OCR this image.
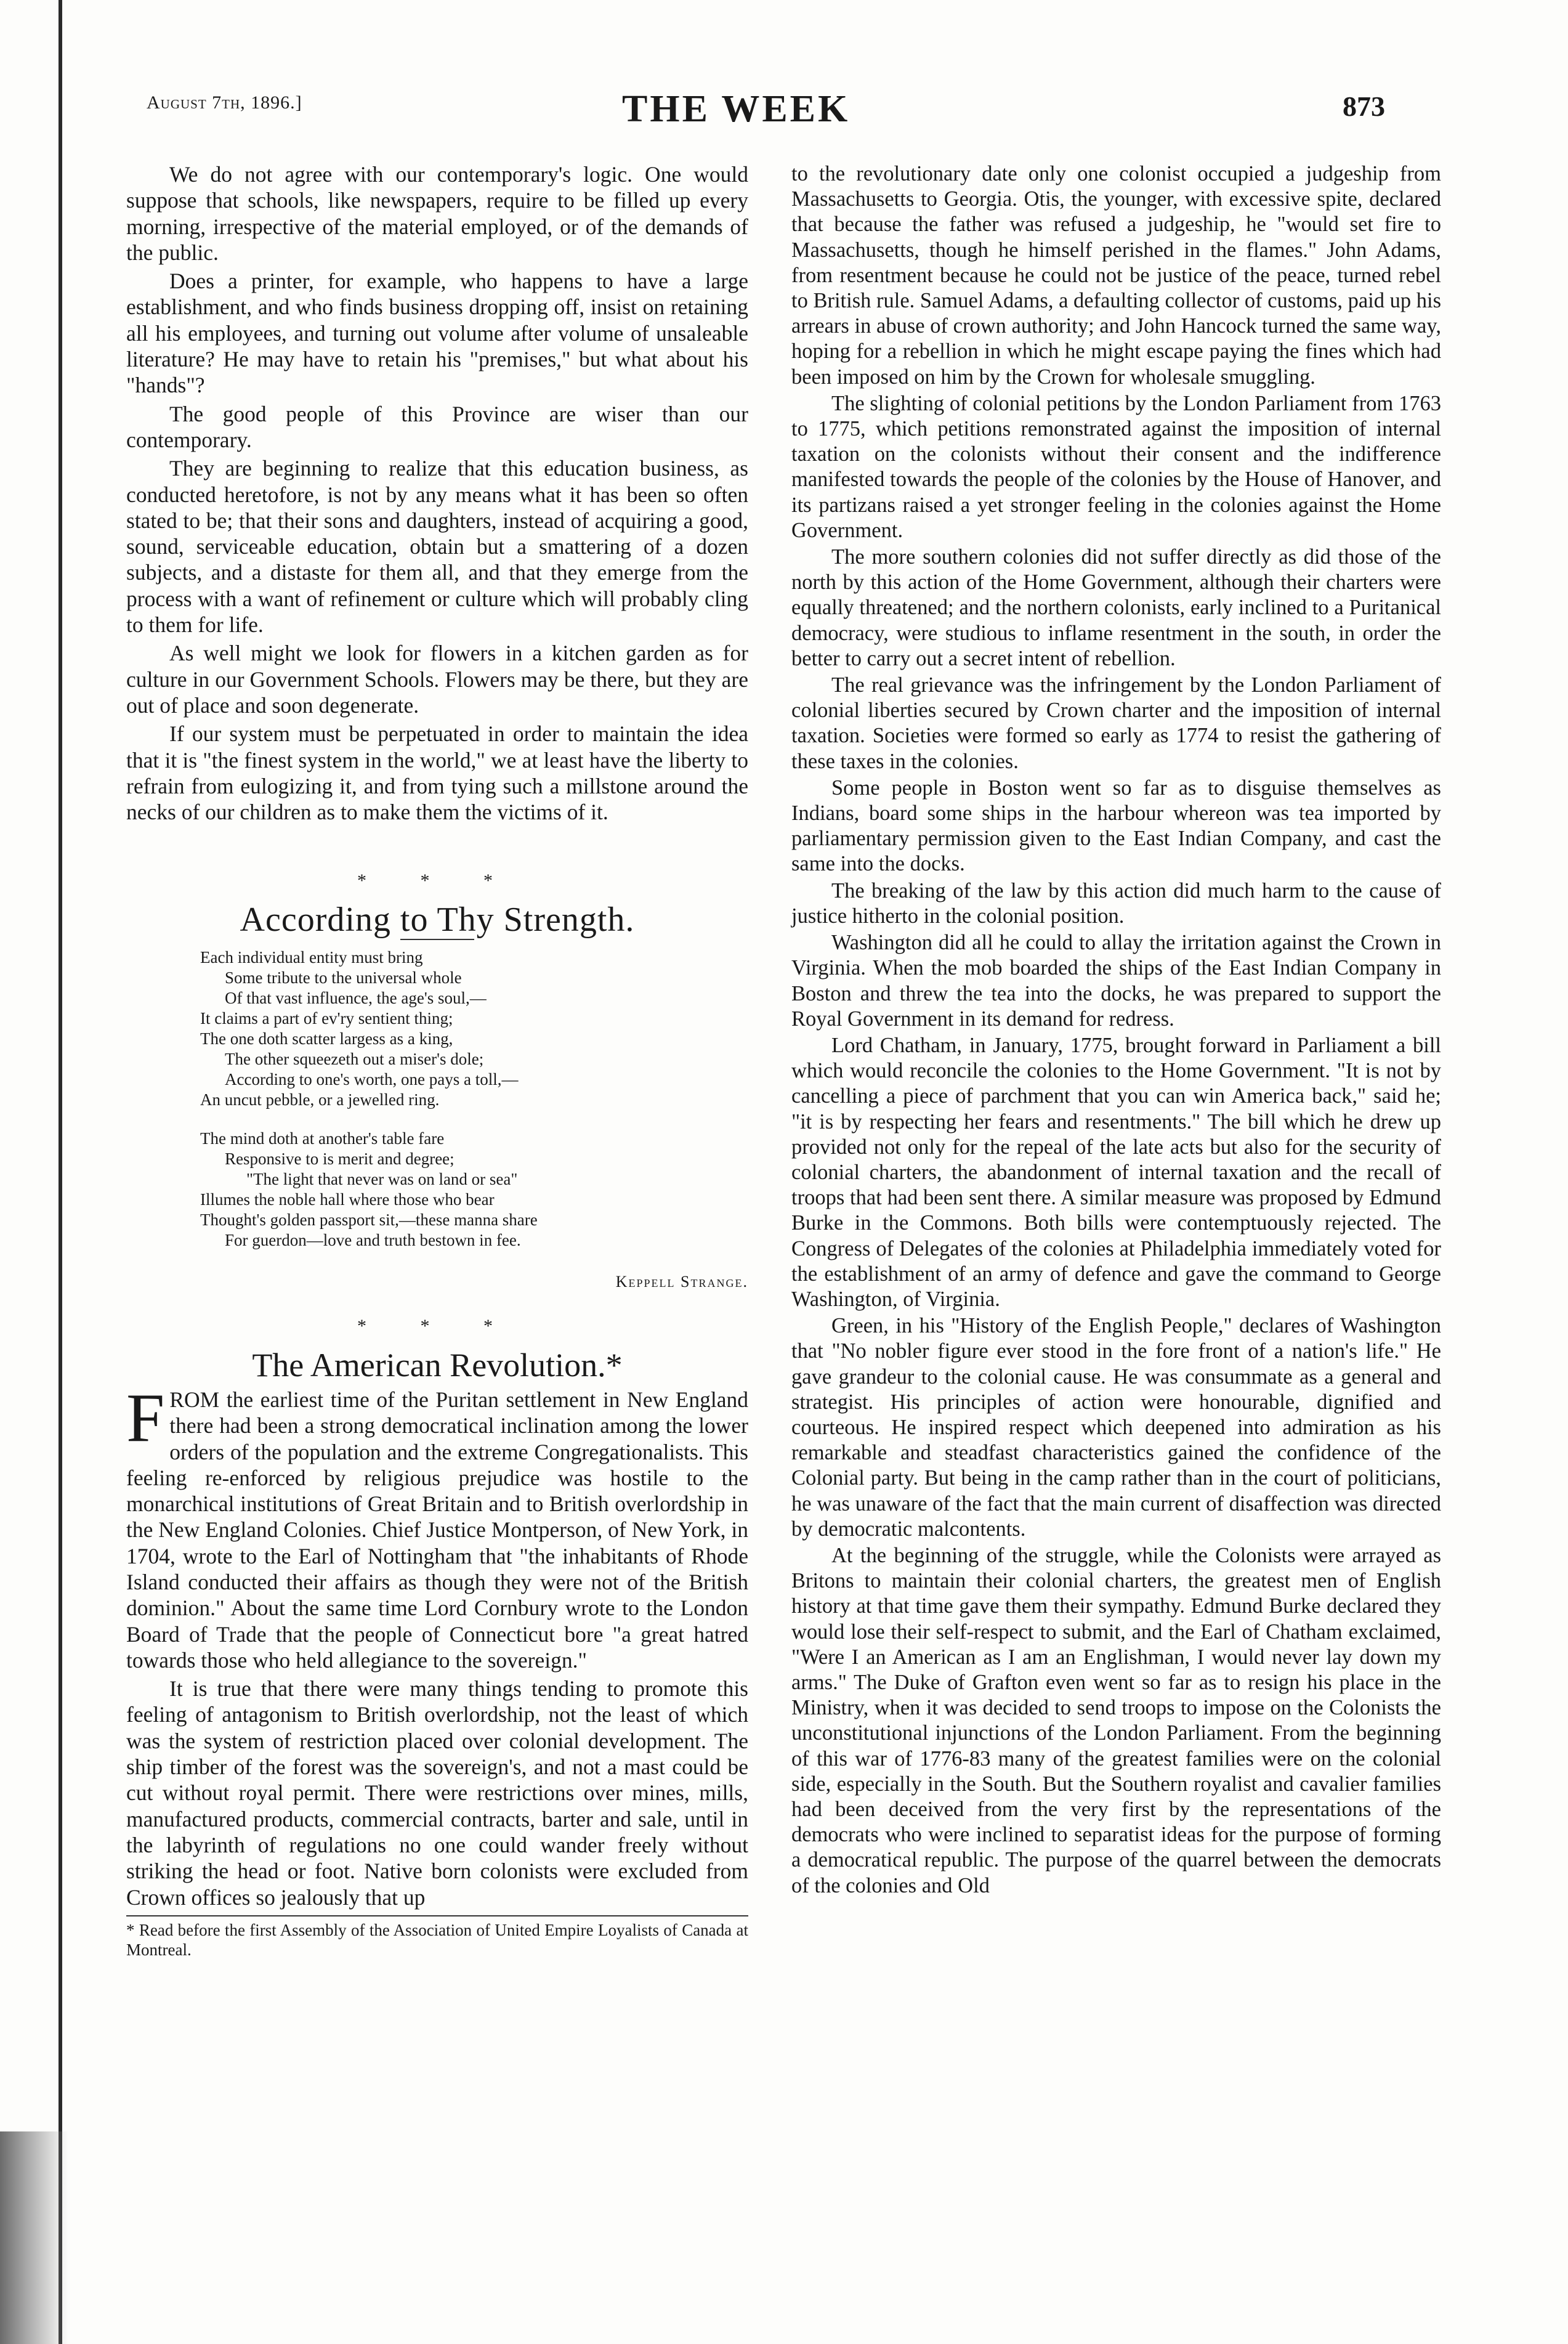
August 7th, 1896.]	THE WEEK	873

We do not agree with our contemporary's logic. One would suppose that schools, like newspapers, require to be filled up every morning, irrespective of the material employed, or of the demands of the public.

Does a printer, for example, who happens to have a large establishment, and who finds business dropping off, insist on retaining all his employees, and turning out volume after volume of unsaleable literature? He may have to retain his "premises," but what about his "hands"?

The good people of this Province are wiser than our contemporary.

They are beginning to realize that this education business, as conducted heretofore, is not by any means what it has been so often stated to be; that their sons and daughters, instead of acquiring a good, sound, serviceable education, obtain but a smattering of a dozen subjects, and a distaste for them all, and that they emerge from the process with a want of refinement or culture which will probably cling to them for life.

As well might we look for flowers in a kitchen garden as for culture in our Government Schools. Flowers may be there, but they are out of place and soon degenerate.

If our system must be perpetuated in order to maintain the idea that it is "the finest system in the world," we at least have the liberty to refrain from eulogizing it, and from tying such a millstone around the necks of our children as to make them the victims of it.

* * *
According to Thy Strength.
Each individual entity must bring
Some tribute to the universal whole
Of that vast influence, the age's soul,—
It claims a part of ev'ry sentient thing;
The one doth scatter largess as a king,
The other squeezeth out a miser's dole;
According to one's worth, one pays a toll,—
An uncut pebble, or a jewelled ring.
The mind doth at another's table fare
Responsive to is merit and degree;
"The light that never was on land or sea"
Illumes the noble hall where those who bear
Thought's golden passport sit,—these manna share
For guerdon—love and truth bestown in fee.
Keppell Strange.
* * *
The American Revolution.*

FROM the earliest time of the Puritan settlement in New England there had been a strong democratical inclination among the lower orders of the population and the extreme Congregationalists. This feeling re-enforced by religious prejudice was hostile to the monarchical institutions of Great Britain and to British overlordship in the New England Colonies. Chief Justice Montperson, of New York, in 1704, wrote to the Earl of Nottingham that "the inhabitants of Rhode Island conducted their affairs as though they were not of the British dominion." About the same time Lord Cornbury wrote to the London Board of Trade that the people of Connecticut bore "a great hatred towards those who held allegiance to the sovereign."

It is true that there were many things tending to promote this feeling of antagonism to British overlordship, not the least of which was the system of restriction placed over colonial development. The ship timber of the forest was the sovereign's, and not a mast could be cut without royal permit. There were restrictions over mines, mills, manufactured products, commercial contracts, barter and sale, until in the labyrinth of regulations no one could wander freely without striking the head or foot. Native born colonists were excluded from Crown offices so jealously that up

* Read before the first Assembly of the Association of United Empire Loyalists of Canada at Montreal.

to the revolutionary date only one colonist occupied a judgeship from Massachusetts to Georgia. Otis, the younger, with excessive spite, declared that because the father was refused a judgeship, he "would set fire to Massachusetts, though he himself perished in the flames." John Adams, from resentment because he could not be justice of the peace, turned rebel to British rule. Samuel Adams, a defaulting collector of customs, paid up his arrears in abuse of crown authority; and John Hancock turned the same way, hoping for a rebellion in which he might escape paying the fines which had been imposed on him by the Crown for wholesale smuggling.

The slighting of colonial petitions by the London Parliament from 1763 to 1775, which petitions remonstrated against the imposition of internal taxation on the colonists without their consent and the indifference manifested towards the people of the colonies by the House of Hanover, and its partizans raised a yet stronger feeling in the colonies against the Home Government.

The more southern colonies did not suffer directly as did those of the north by this action of the Home Government, although their charters were equally threatened; and the northern colonists, early inclined to a Puritanical democracy, were studious to inflame resentment in the south, in order the better to carry out a secret intent of rebellion.

The real grievance was the infringement by the London Parliament of colonial liberties secured by Crown charter and the imposition of internal taxation. Societies were formed so early as 1774 to resist the gathering of these taxes in the colonies.

Some people in Boston went so far as to disguise themselves as Indians, board some ships in the harbour whereon was tea imported by parliamentary permission given to the East Indian Company, and cast the same into the docks.

The breaking of the law by this action did much harm to the cause of justice hitherto in the colonial position.

Washington did all he could to allay the irritation against the Crown in Virginia. When the mob boarded the ships of the East Indian Company in Boston and threw the tea into the docks, he was prepared to support the Royal Government in its demand for redress.

Lord Chatham, in January, 1775, brought forward in Parliament a bill which would reconcile the colonies to the Home Government. "It is not by cancelling a piece of parchment that you can win America back," said he; "it is by respecting her fears and resentments." The bill which he drew up provided not only for the repeal of the late acts but also for the security of colonial charters, the abandonment of internal taxation and the recall of troops that had been sent there. A similar measure was proposed by Edmund Burke in the Commons. Both bills were contemptuously rejected. The Congress of Delegates of the colonies at Philadelphia immediately voted for the establishment of an army of defence and gave the command to George Washington, of Virginia.

Green, in his "History of the English People," declares of Washington that "No nobler figure ever stood in the fore front of a nation's life." He gave grandeur to the colonial cause. He was consummate as a general and strategist. His principles of action were honourable, dignified and courteous. He inspired respect which deepened into admiration as his remarkable and steadfast characteristics gained the confidence of the Colonial party. But being in the camp rather than in the court of politicians, he was unaware of the fact that the main current of disaffection was directed by democratic malcontents.

At the beginning of the struggle, while the Colonists were arrayed as Britons to maintain their colonial charters, the greatest men of English history at that time gave them their sympathy. Edmund Burke declared they would lose their self-respect to submit, and the Earl of Chatham exclaimed, "Were I an American as I am an Englishman, I would never lay down my arms." The Duke of Grafton even went so far as to resign his place in the Ministry, when it was decided to send troops to impose on the Colonists the unconstitutional injunctions of the London Parliament. From the beginning of this war of 1776-83 many of the greatest families were on the colonial side, especially in the South. But the Southern royalist and cavalier families had been deceived from the very first by the representations of the democrats who were inclined to separatist ideas for the purpose of forming a democratical republic. The purpose of the quarrel between the democrats of the colonies and Old
